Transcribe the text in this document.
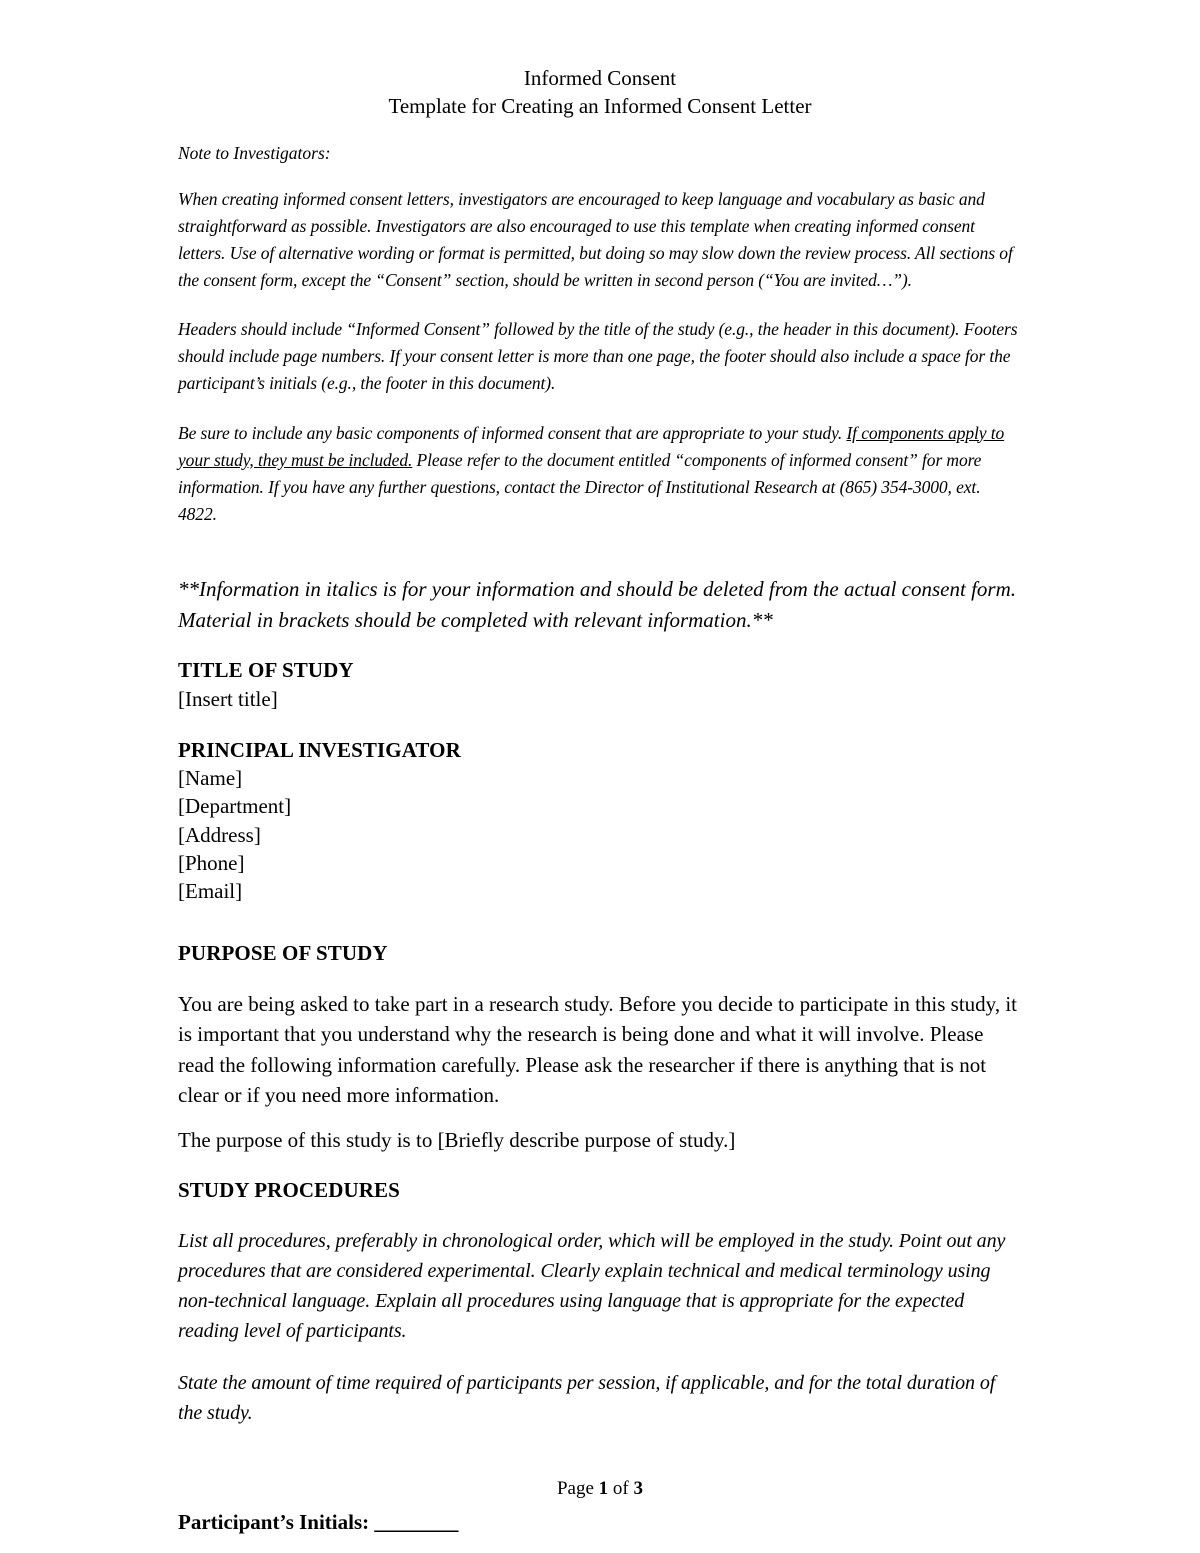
Informed Consent
Template for Creating an Informed Consent Letter

Note to Investigators:

When creating informed consent letters, investigators are encouraged to keep language and vocabulary as basic and straightforward as possible. Investigators are also encouraged to use this template when creating informed consent letters. Use of alternative wording or format is permitted, but doing so may slow down the review process. All sections of the consent form, except the “Consent” section, should be written in second person (“You are invited…”).

Headers should include “Informed Consent” followed by the title of the study (e.g., the header in this document). Footers should include page numbers. If your consent letter is more than one page, the footer should also include a space for the participant’s initials (e.g., the footer in this document).

Be sure to include any basic components of informed consent that are appropriate to your study. If components apply to your study, they must be included. Please refer to the document entitled “components of informed consent” for more information. If you have any further questions, contact the Director of Institutional Research at (865) 354-3000, ext. 4822.

**Information in italics is for your information and should be deleted from the actual consent form. Material in brackets should be completed with relevant information.**

TITLE OF STUDY

[Insert title]

PRINCIPAL INVESTIGATOR

[Name]

[Department]

[Address]

[Phone]

[Email]

PURPOSE OF STUDY

You are being asked to take part in a research study. Before you decide to participate in this study, it is important that you understand why the research is being done and what it will involve. Please read the following information carefully. Please ask the researcher if there is anything that is not clear or if you need more information.

The purpose of this study is to [Briefly describe purpose of study.]

STUDY PROCEDURES

List all procedures, preferably in chronological order, which will be employed in the study. Point out any procedures that are considered experimental. Clearly explain technical and medical terminology using non-technical language. Explain all procedures using language that is appropriate for the expected reading level of participants.

State the amount of time required of participants per session, if applicable, and for the total duration of the study.

Page 1 of 3
Participant’s Initials: ________
